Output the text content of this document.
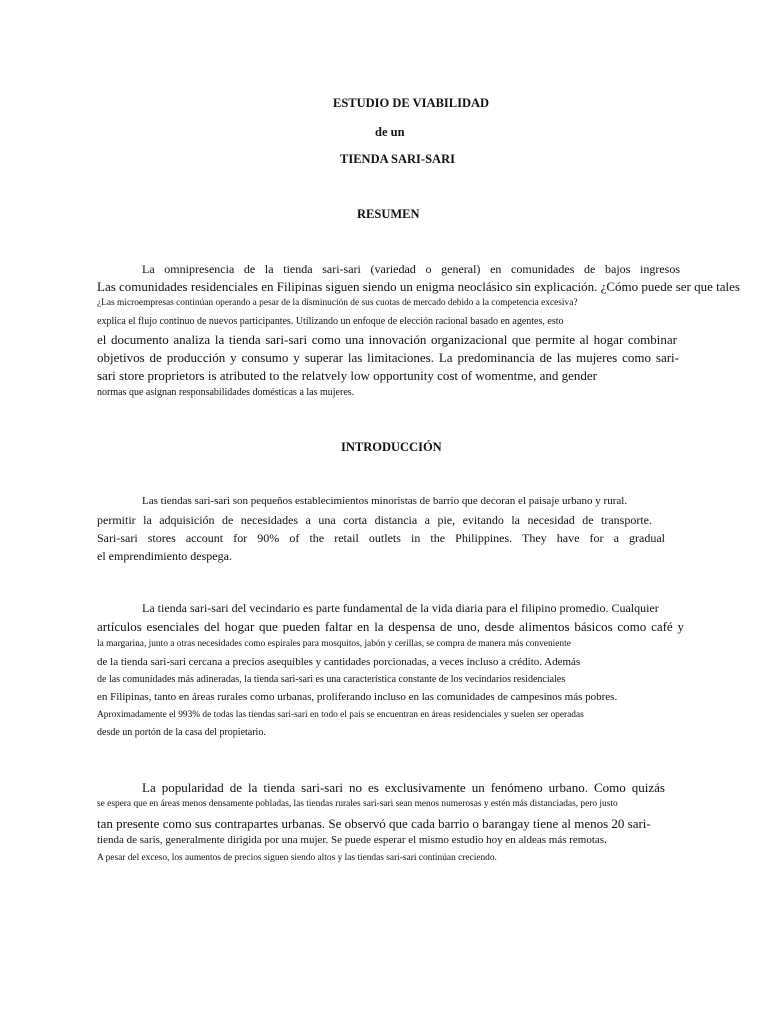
ESTUDIO DE VIABILIDAD
de un
TIENDA SARI-SARI
RESUMEN
La omnipresencia de la tienda sari-sari (variedad o general) en comunidades de bajos ingresos
Las comunidades residenciales en Filipinas siguen siendo un enigma neoclásico sin explicación. ¿Cómo puede ser que tales
¿Las microempresas continúan operando a pesar de la disminución de sus cuotas de mercado debido a la competencia excesiva?
explica el flujo continuo de nuevos participantes. Utilizando un enfoque de elección racional basado en agentes, esto
el documento analiza la tienda sari-sari como una innovación organizacional que permite al hogar combinar
objetivos de producción y consumo y superar las limitaciones. La predominancia de las mujeres como sari-
sari store proprietors is atributed to the relatvely low opportunity cost of womentme, and gender
normas que asignan responsabilidades domésticas a las mujeres.
INTRODUCCIÓN
Las tiendas sari-sari son pequeños establecimientos minoristas de barrio que decoran el paisaje urbano y rural.
permitir la adquisición de necesidades a una corta distancia a pie, evitando la necesidad de transporte.
Sari-sari stores account for 90% of the retail outlets in the Philippines. They have for a gradual
el emprendimiento despega.
La tienda sari-sari del vecindario es parte fundamental de la vida diaria para el filipino promedio. Cualquier
artículos esenciales del hogar que pueden faltar en la despensa de uno, desde alimentos básicos como café y
la margarina, junto a otras necesidades como espirales para mosquitos, jabón y cerillas, se compra de manera más conveniente
de la tienda sari-sari cercana a precios asequibles y cantidades porcionadas, a veces incluso a crédito. Además
de las comunidades más adineradas, la tienda sari-sari es una característica constante de los vecindarios residenciales
en Filipinas, tanto en áreas rurales como urbanas, proliferando incluso en las comunidades de campesinos más pobres.
Aproximadamente el 993% de todas las tiendas sari-sari en todo el país se encuentran en áreas residenciales y suelen ser operadas
desde un portón de la casa del propietario.
La popularidad de la tienda sari-sari no es exclusivamente un fenómeno urbano. Como quizás
se espera que en áreas menos densamente pobladas, las tiendas rurales sari-sari sean menos numerosas y estén más distanciadas, pero justo
tan presente como sus contrapartes urbanas. Se observó que cada barrio o barangay tiene al menos 20 sari-
tienda de saris, generalmente dirigida por una mujer. Se puede esperar el mismo estudio hoy en aldeas más remotas.
A pesar del exceso, los aumentos de precios siguen siendo altos y las tiendas sari-sari continúan creciendo.
